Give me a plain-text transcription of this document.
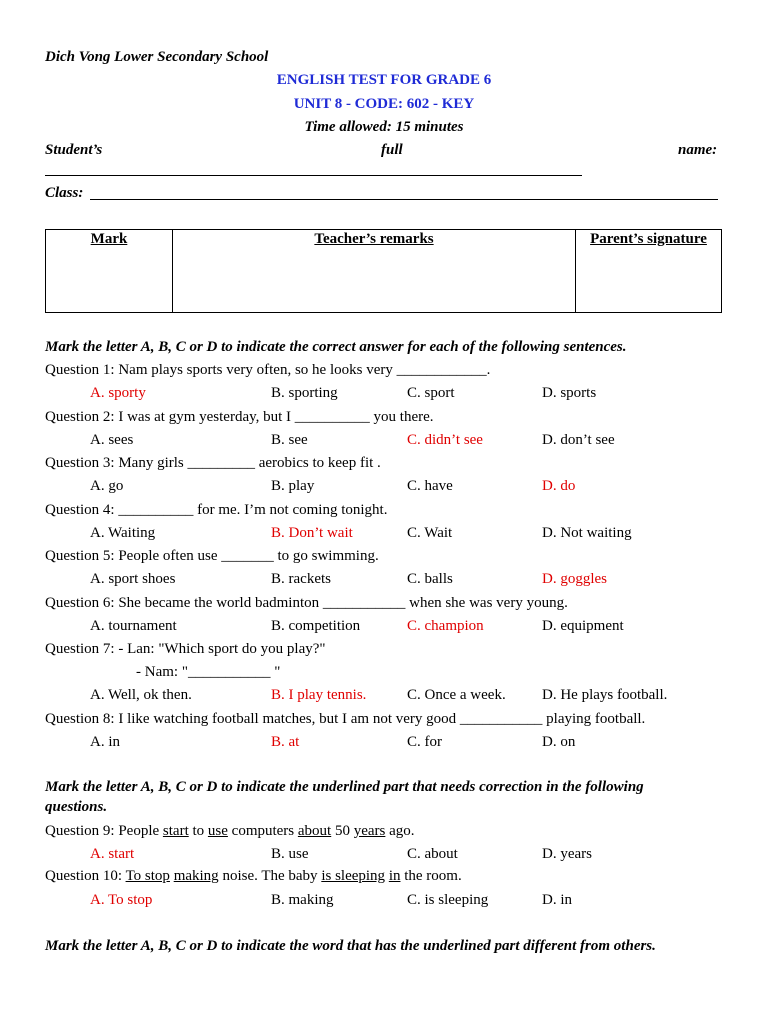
Dich Vong Lower Secondary School
ENGLISH TEST FOR GRADE 6
UNIT 8 - CODE: 602 - KEY
Time allowed: 15 minutes
Student’s	full	name:
Class:
Mark	Teacher’s remarks	Parent’s signature
Mark the letter A, B, C or D to indicate the correct answer for each of the following sentences.
Question 1: Nam plays sports very often, so he looks very ____________.
A. sporty	B. sporting	C. sport	D. sports
Question 2: I was at gym yesterday, but I __________ you there.
A. sees	B. see	C. didn’t see	D. don’t see
Question 3: Many girls _________ aerobics to keep fit .
A. go	B. play	C. have	D. do
Question 4: __________ for me. I’m not coming tonight.
A. Waiting	B. Don’t wait	C. Wait	D. Not waiting
Question 5: People often use _______ to go swimming.
A. sport shoes	B. rackets	C. balls	D. goggles
Question 6: She became the world badminton ___________ when she was very young.
A. tournament	B. competition	C. champion	D. equipment
Question 7: - Lan: "Which sport do you play?"
- Nam: "___________ "
A. Well, ok then.	B. I play tennis.	C. Once a week. D. He plays football.
Question 8: I like watching football matches, but I am not very good ___________ playing football.
A. in	B. at	C. for	D. on
Mark the letter A, B, C or D to indicate the underlined part that needs correction in the following
questions.
Question 9: People start to use computers about 50 years ago.
A. start	B. use	C. about	D. years
Question 10: To stop making noise. The baby is sleeping in the room.
A. To stop	B. making	C. is sleeping	D. in
Mark the letter A, B, C or D to indicate the word that has the underlined part different from others.
